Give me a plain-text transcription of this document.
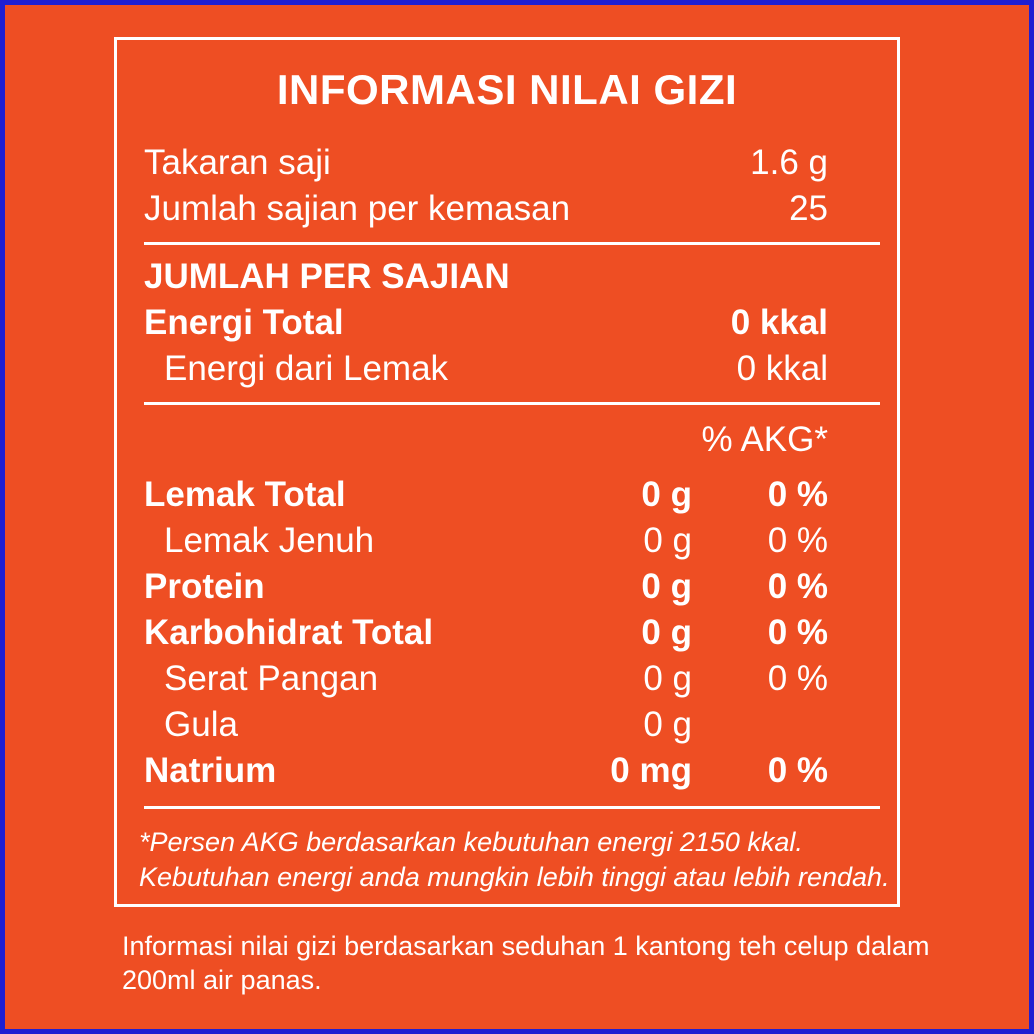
INFORMASI NILAI GIZI
Takaran saji	1.6 g
Jumlah sajian per kemasan	25
JUMLAH PER SAJIAN
Energi Total	0 kkal
Energi dari Lemak	0 kkal
% AKG*
Lemak Total	0 g 0 %
Lemak Jenuh	0 g 0 %
Protein	0 g 0 %
Karbohidrat Total	0 g 0 %
Serat Pangan	0 g 0 %
Gula	0 g
Natrium	0 mg 0 %
*Persen AKG berdasarkan kebutuhan energi 2150 kkal.
Kebutuhan energi anda mungkin lebih tinggi atau lebih rendah.
Informasi nilai gizi berdasarkan seduhan 1 kantong teh celup dalam 200ml air panas.
